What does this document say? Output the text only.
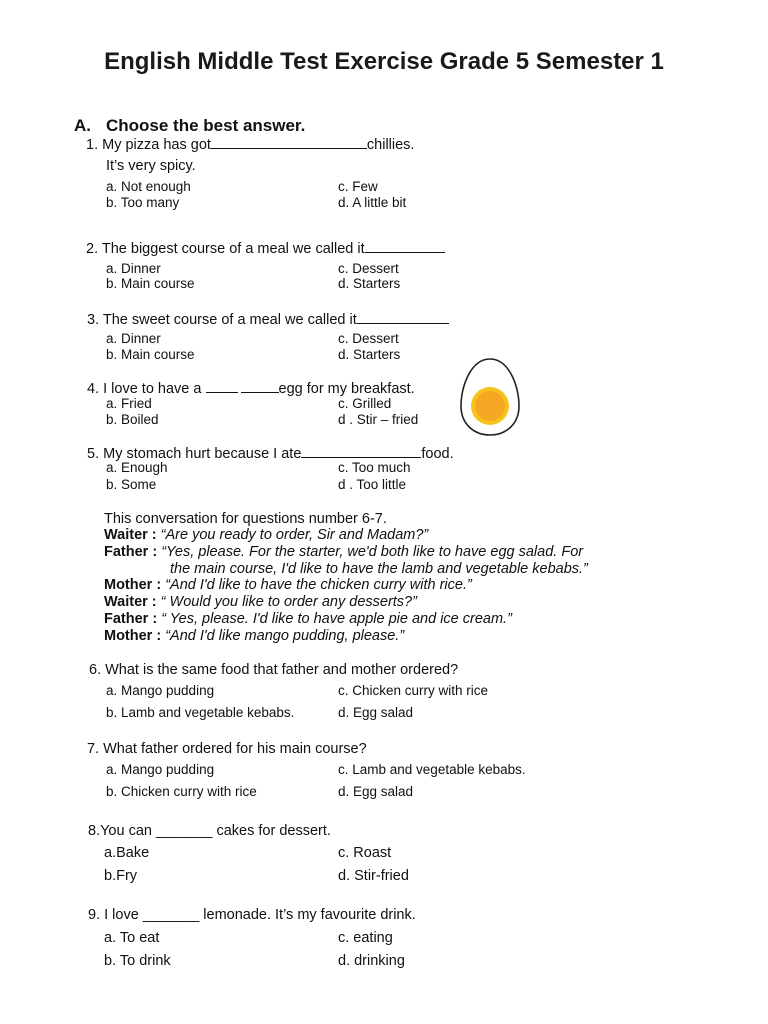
English Middle Test Exercise Grade 5 Semester 1
A. Choose the best answer.
1. My pizza has got	chillies.
It’s very spicy.
a. Not enough
b. Too many
c. Few
d. A little bit
2. The biggest course of a meal we called it
a. Dinner
b. Main course
c. Dessert
d. Starters
3. The sweet course of a meal we called it
a. Dinner
b. Main course
c. Dessert
d. Starters
4. I love to have a	egg for my breakfast.
a. Fried
b. Boiled
c. Grilled
d . Stir – fried
5. My stomach hurt because I ate	food.
a. Enough
b. Some
c. Too much
d . Too little
This conversation for questions number 6-7.
Waiter : “Are you ready to order, Sir and Madam?”
Father : “Yes, please. For the starter, we'd both like to have egg salad. For
the main course, I'd like to have the lamb and vegetable kebabs.”
Mother : “And I'd like to have the chicken curry with rice.”
Waiter : “ Would you like to order any desserts?”
Father : “ Yes, please. I'd like to have apple pie and ice cream.”
Mother : “And I'd like mango pudding, please.”
6. What is the same food that father and mother ordered?
a. Mango pudding
b. Lamb and vegetable kebabs.
c. Chicken curry with rice
d. Egg salad
7. What father ordered for his main course?
a. Mango pudding
b. Chicken curry with rice
c. Lamb and vegetable kebabs.
d. Egg salad
8.You can _______ cakes for dessert.
a.Bake
b.Fry
c. Roast
d. Stir-fried
9. I love _______ lemonade. It’s my favourite drink.
a. To eat
b. To drink
c. eating
d. drinking
